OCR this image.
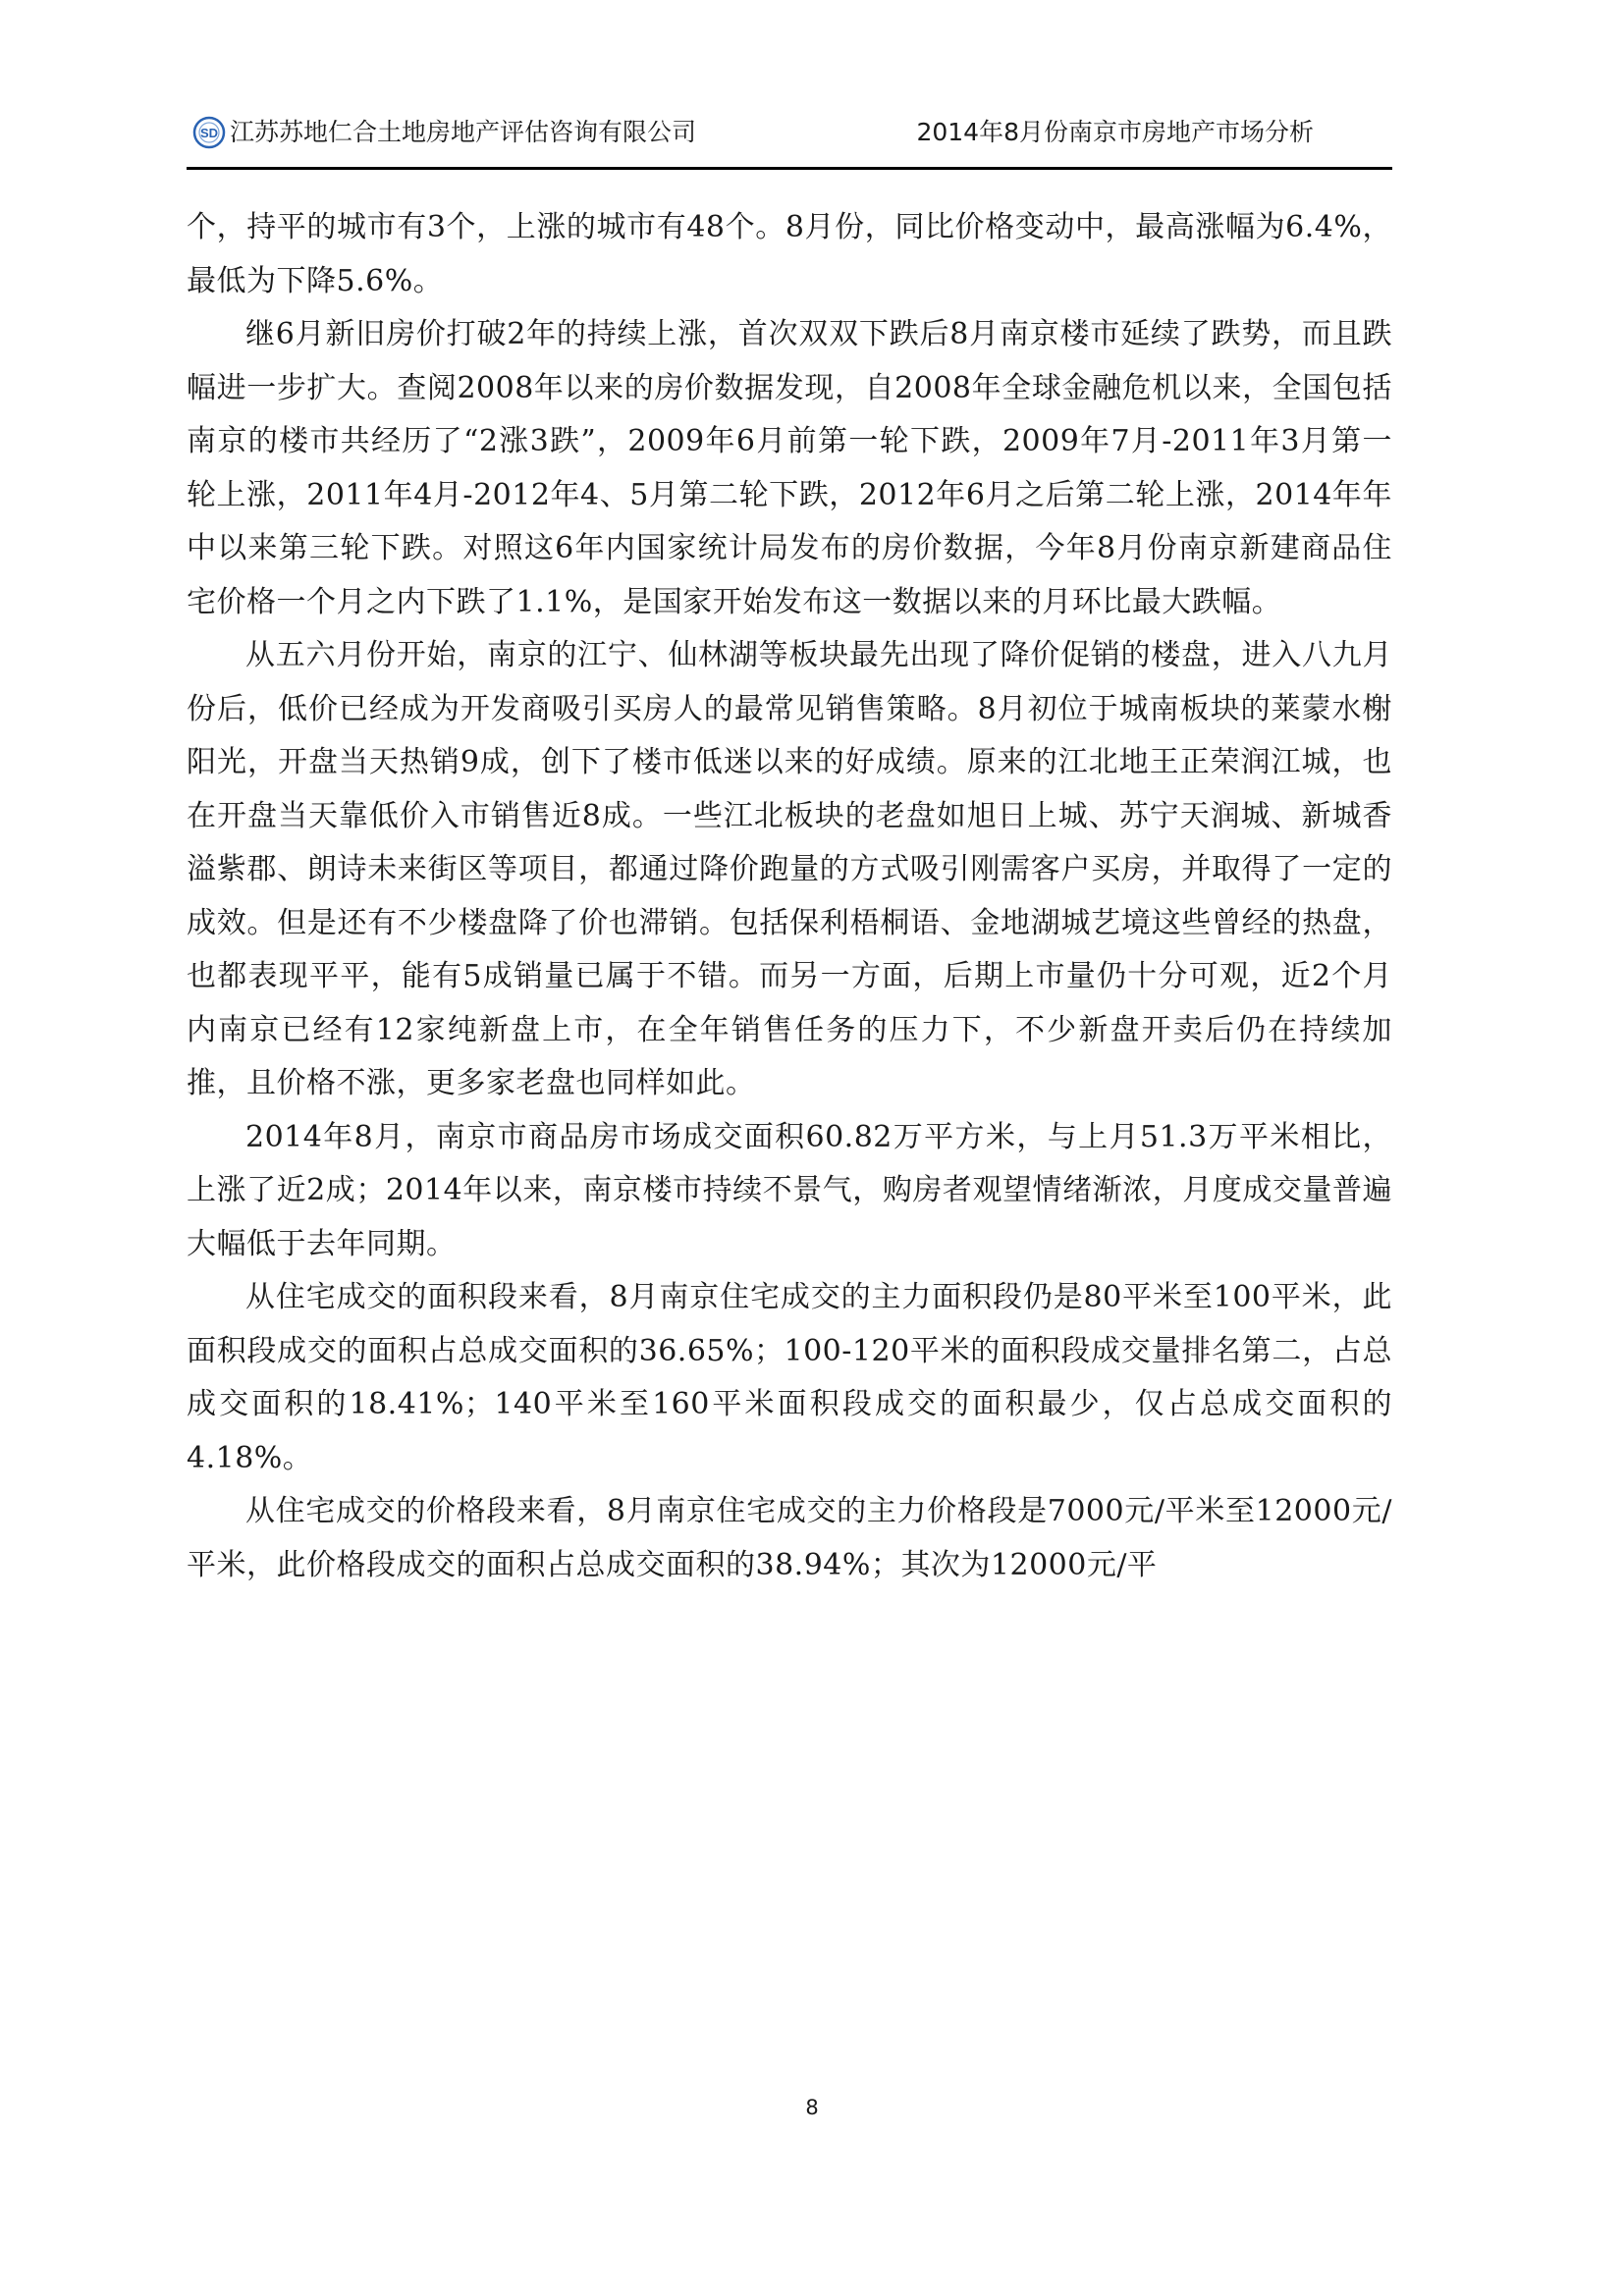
SD 江苏苏地仁合土地房地产评估咨询有限公司	2014年8月份南京市房地产市场分析

个，持平的城市有3个，上涨的城市有48个。8月份，同比价格变动中，最高涨幅为6.4%，最低为下降5.6%。

继6月新旧房价打破2年的持续上涨，首次双双下跌后8月南京楼市延续了跌势，而且跌幅进一步扩大。查阅2008年以来的房价数据发现，自2008年全球金融危机以来，全国包括南京的楼市共经历了“2涨3跌”，2009年6月前第一轮下跌，2009年7月-2011年3月第一轮上涨，2011年4月-2012年4、5月第二轮下跌，2012年6月之后第二轮上涨，2014年年中以来第三轮下跌。对照这6年内国家统计局发布的房价数据，今年8月份南京新建商品住宅价格一个月之内下跌了1.1%，是国家开始发布这一数据以来的月环比最大跌幅。

从五六月份开始，南京的江宁、仙林湖等板块最先出现了降价促销的楼盘，进入八九月份后，低价已经成为开发商吸引买房人的最常见销售策略。8月初位于城南板块的莱蒙水榭阳光，开盘当天热销9成，创下了楼市低迷以来的好成绩。原来的江北地王正荣润江城，也在开盘当天靠低价入市销售近8成。一些江北板块的老盘如旭日上城、苏宁天润城、新城香溢紫郡、朗诗未来街区等项目，都通过降价跑量的方式吸引刚需客户买房，并取得了一定的成效。但是还有不少楼盘降了价也滞销。包括保利梧桐语、金地湖城艺境这些曾经的热盘，也都表现平平，能有5成销量已属于不错。而另一方面，后期上市量仍十分可观，近2个月内南京已经有12家纯新盘上市，在全年销售任务的压力下，不少新盘开卖后仍在持续加推，且价格不涨，更多家老盘也同样如此。

2014年8月，南京市商品房市场成交面积60.82万平方米，与上月51.3万平米相比，上涨了近2成；2014年以来，南京楼市持续不景气，购房者观望情绪渐浓，月度成交量普遍大幅低于去年同期。

从住宅成交的面积段来看，8月南京住宅成交的主力面积段仍是80平米至100平米，此面积段成交的面积占总成交面积的36.65%；100-120平米的面积段成交量排名第二，占总成交面积的18.41%；140平米至160平米面积段成交的面积最少，仅占总成交面积的4.18%。

从住宅成交的价格段来看，8月南京住宅成交的主力价格段是7000元/平米至12000元/平米，此价格段成交的面积占总成交面积的38.94%；其次为12000元/平

8
